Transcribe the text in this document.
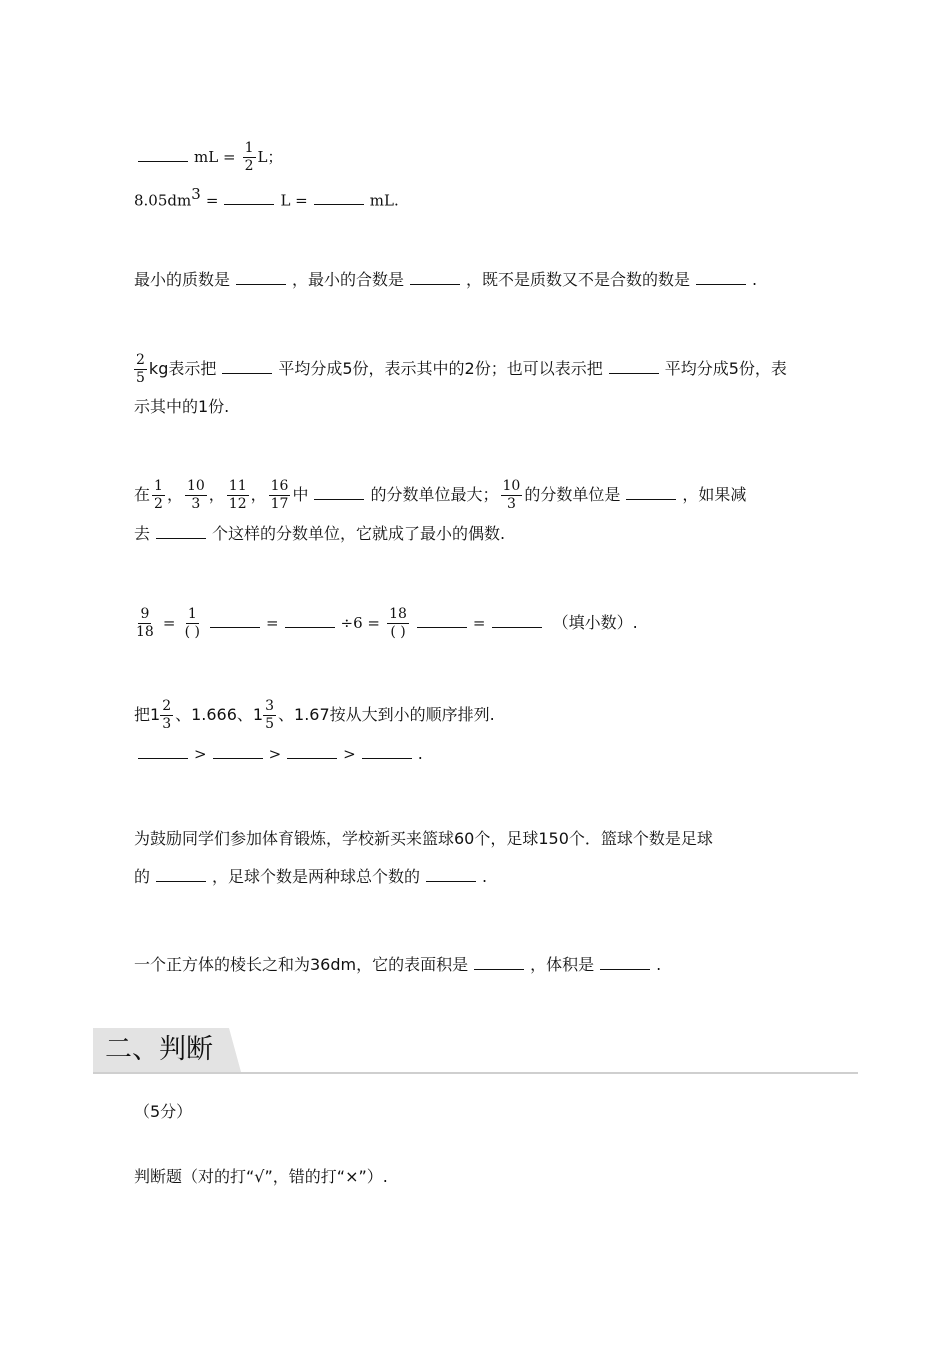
mL = $\frac{1}{2}$ L；
$8.05dm^3$ =	L =	mL.
最小的质数是	，最小的合数是	，既不是质数又不是合数的数是	.
$\frac{2}{5}$ kg表示把	平均分成5份，表示其中的2份；也可以表示把	平均分成5份，表
示其中的1份.
在 $\frac{1}{2}$ ， $\frac{10}{3}$ ， $\frac{11}{12}$ ， $\frac{16}{17}$ 中	的分数单位最大； $\frac{10}{3}$ 的分数单位是	，如果减
去	个这样的分数单位，它就成了最小的偶数.
$\frac{9}{18} = \frac{1}{( )}$	=	$\div 6 = \frac{18}{( )}$	=	（填小数）.
把$1 \frac{2}{3}$ 、1.666、$1 \frac{3}{5}$ 、1.67按从大到小的顺序排列.
>	>	>	.
为鼓励同学们参加体育锻炼，学校新买来篮球60个，足球150个．篮球个数是足球
的	，足球个数是两种球总个数的	.
一个正方体的棱长之和为36dm，它的表面积是	，体积是	.
二、判断
（5分）
判断题（对的打“√”，错的打“×”）.
